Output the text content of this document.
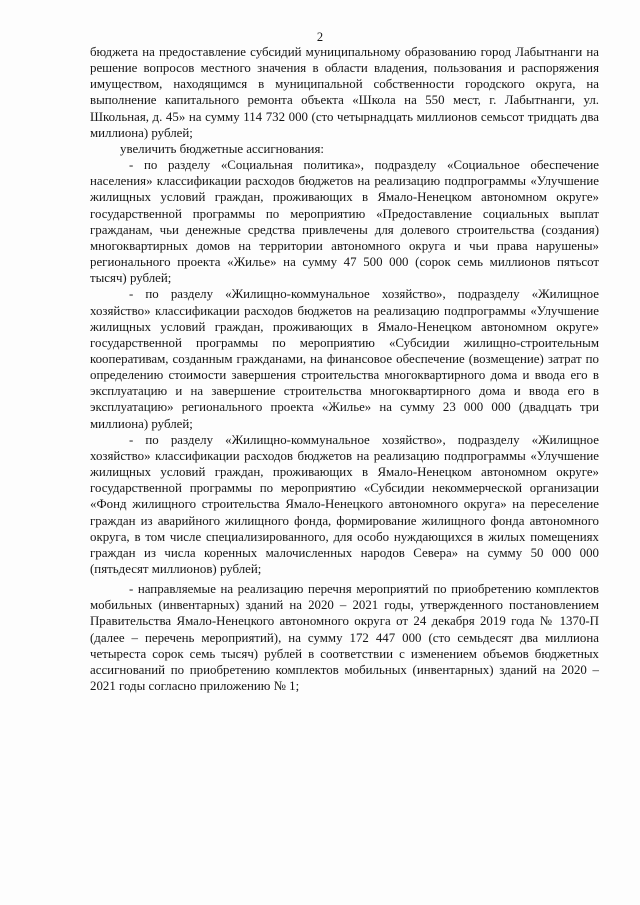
2

бюджета на предоставление субсидий муниципальному образованию город Лабытнанги на решение вопросов местного значения в области владения, пользования и распоряжения имуществом, находящимся в муниципальной собственности городского округа, на выполнение капитального ремонта объекта «Школа на 550 мест, г. Лабытнанги, ул. Школьная, д. 45» на сумму 114 732 000 (сто четырнадцать миллионов семьсот тридцать два миллиона) рублей;

увеличить бюджетные ассигнования:

- по разделу «Социальная политика», подразделу «Социальное обеспечение населения» классификации расходов бюджетов на реализацию подпрограммы «Улучшение жилищных условий граждан, проживающих в Ямало-Ненецком автономном округе» государственной программы по мероприятию «Предоставление социальных выплат гражданам, чьи денежные средства привлечены для долевого строительства (создания) многоквартирных домов на территории автономного округа и чьи права нарушены» регионального проекта «Жилье» на сумму 47 500 000 (сорок семь миллионов пятьсот тысяч) рублей;

- по разделу «Жилищно-коммунальное хозяйство», подразделу «Жилищное хозяйство» классификации расходов бюджетов на реализацию подпрограммы «Улучшение жилищных условий граждан, проживающих в Ямало-Ненецком автономном округе» государственной программы по мероприятию «Субсидии жилищно-строительным кооперативам, созданным гражданами, на финансовое обеспечение (возмещение) затрат по определению стоимости завершения строительства многоквартирного дома и ввода его в эксплуатацию и на завершение строительства многоквартирного дома и ввода его в эксплуатацию» регионального проекта «Жилье» на сумму 23 000 000 (двадцать три миллиона) рублей;

- по разделу «Жилищно-коммунальное хозяйство», подразделу «Жилищное хозяйство» классификации расходов бюджетов на реализацию подпрограммы «Улучшение жилищных условий граждан, проживающих в Ямало-Ненецком автономном округе» государственной программы по мероприятию «Субсидии некоммерческой организации «Фонд жилищного строительства Ямало-Ненецкого автономного округа» на переселение граждан из аварийного жилищного фонда, формирование жилищного фонда автономного округа, в том числе специализированного, для особо нуждающихся в жилых помещениях граждан из числа коренных малочисленных народов Севера» на сумму 50 000 000 (пятьдесят миллионов) рублей;

- направляемые на реализацию перечня мероприятий по приобретению комплектов мобильных (инвентарных) зданий на 2020 – 2021 годы, утвержденного постановлением Правительства Ямало-Ненецкого автономного округа от 24 декабря 2019 года № 1370-П (далее – перечень мероприятий), на сумму 172 447 000 (сто семьдесят два миллиона четыреста сорок семь тысяч) рублей в соответствии с изменением объемов бюджетных ассигнований по приобретению комплектов мобильных (инвентарных) зданий на 2020 – 2021 годы согласно приложению № 1;
